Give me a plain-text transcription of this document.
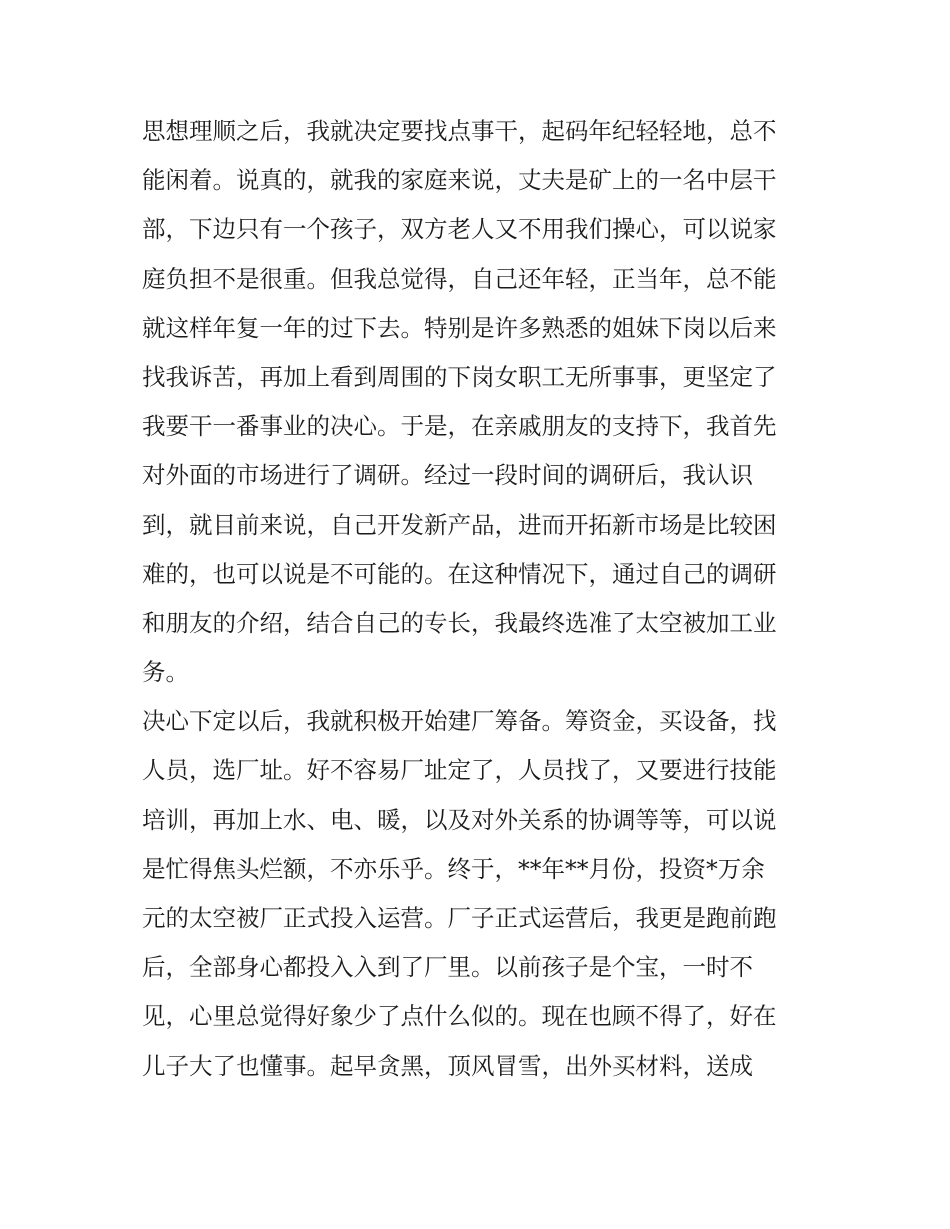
思想理顺之后，我就决定要找点事干，起码年纪轻轻地，总不
能闲着。说真的，就我的家庭来说，丈夫是矿上的一名中层干
部，下边只有一个孩子，双方老人又不用我们操心，可以说家
庭负担不是很重。但我总觉得，自己还年轻，正当年，总不能
就这样年复一年的过下去。特别是许多熟悉的姐妹下岗以后来
找我诉苦，再加上看到周围的下岗女职工无所事事，更坚定了
我要干一番事业的决心。于是，在亲戚朋友的支持下，我首先
对外面的市场进行了调研。经过一段时间的调研后，我认识
到，就目前来说，自己开发新产品，进而开拓新市场是比较困
难的，也可以说是不可能的。在这种情况下，通过自己的调研
和朋友的介绍，结合自己的专长，我最终选准了太空被加工业
务。
决心下定以后，我就积极开始建厂筹备。筹资金，买设备，找
人员，选厂址。好不容易厂址定了，人员找了，又要进行技能
培训，再加上水、电、暖，以及对外关系的协调等等，可以说
是忙得焦头烂额，不亦乐乎。终于，**年**月份，投资*万余
元的太空被厂正式投入运营。厂子正式运营后，我更是跑前跑
后，全部身心都投入入到了厂里。以前孩子是个宝，一时不
见，心里总觉得好象少了点什么似的。现在也顾不得了，好在
儿子大了也懂事。起早贪黑，顶风冒雪，出外买材料，送成
